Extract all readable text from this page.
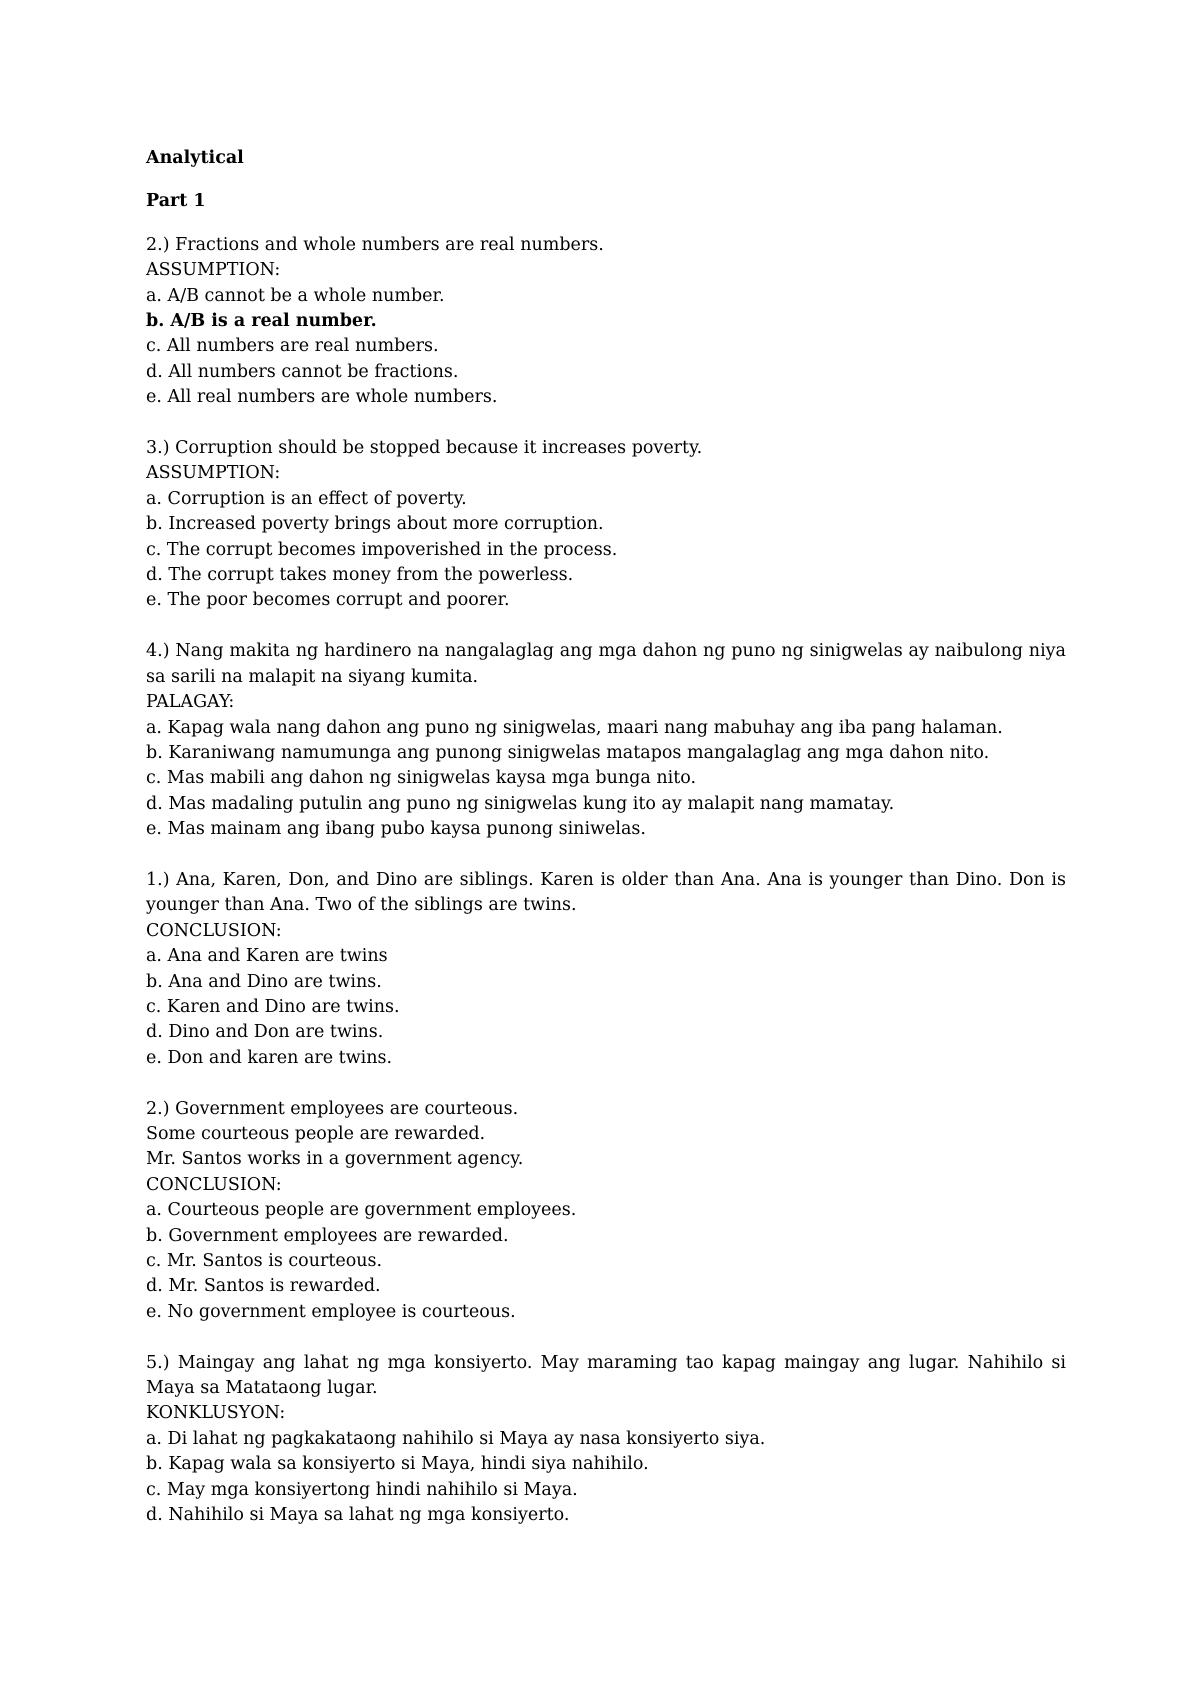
Analytical
Part 1
2.) Fractions and whole numbers are real numbers.
ASSUMPTION:
a. A/B cannot be a whole number.
b. A/B is a real number.
c. All numbers are real numbers.
d. All numbers cannot be fractions.
e. All real numbers are whole numbers.
3.) Corruption should be stopped because it increases poverty.
ASSUMPTION:
a. Corruption is an effect of poverty.
b. Increased poverty brings about more corruption.
c. The corrupt becomes impoverished in the process.
d. The corrupt takes money from the powerless.
e. The poor becomes corrupt and poorer.
4.) Nang makita ng hardinero na nangalaglag ang mga dahon ng puno ng sinigwelas ay naibulong niya sa sarili na malapit na siyang kumita.
PALAGAY:
a. Kapag wala nang dahon ang puno ng sinigwelas, maari nang mabuhay ang iba pang halaman.
b. Karaniwang namumunga ang punong sinigwelas matapos mangalaglag ang mga dahon nito.
c. Mas mabili ang dahon ng sinigwelas kaysa mga bunga nito.
d. Mas madaling putulin ang puno ng sinigwelas kung ito ay malapit nang mamatay.
e. Mas mainam ang ibang pubo kaysa punong siniwelas.
1.) Ana, Karen, Don, and Dino are siblings. Karen is older than Ana. Ana is younger than Dino. Don is younger than Ana. Two of the siblings are twins.
CONCLUSION:
a. Ana and Karen are twins
b. Ana and Dino are twins.
c. Karen and Dino are twins.
d. Dino and Don are twins.
e. Don and karen are twins.
2.) Government employees are courteous.
Some courteous people are rewarded.
Mr. Santos works in a government agency.
CONCLUSION:
a. Courteous people are government employees.
b. Government employees are rewarded.
c. Mr. Santos is courteous.
d. Mr. Santos is rewarded.
e. No government employee is courteous.
5.) Maingay ang lahat ng mga konsiyerto. May maraming tao kapag maingay ang lugar. Nahihilo si Maya sa Matataong lugar.
KONKLUSYON:
a. Di lahat ng pagkakataong nahihilo si Maya ay nasa konsiyerto siya.
b. Kapag wala sa konsiyerto si Maya, hindi siya nahihilo.
c. May mga konsiyertong hindi nahihilo si Maya.
d. Nahihilo si Maya sa lahat ng mga konsiyerto.
